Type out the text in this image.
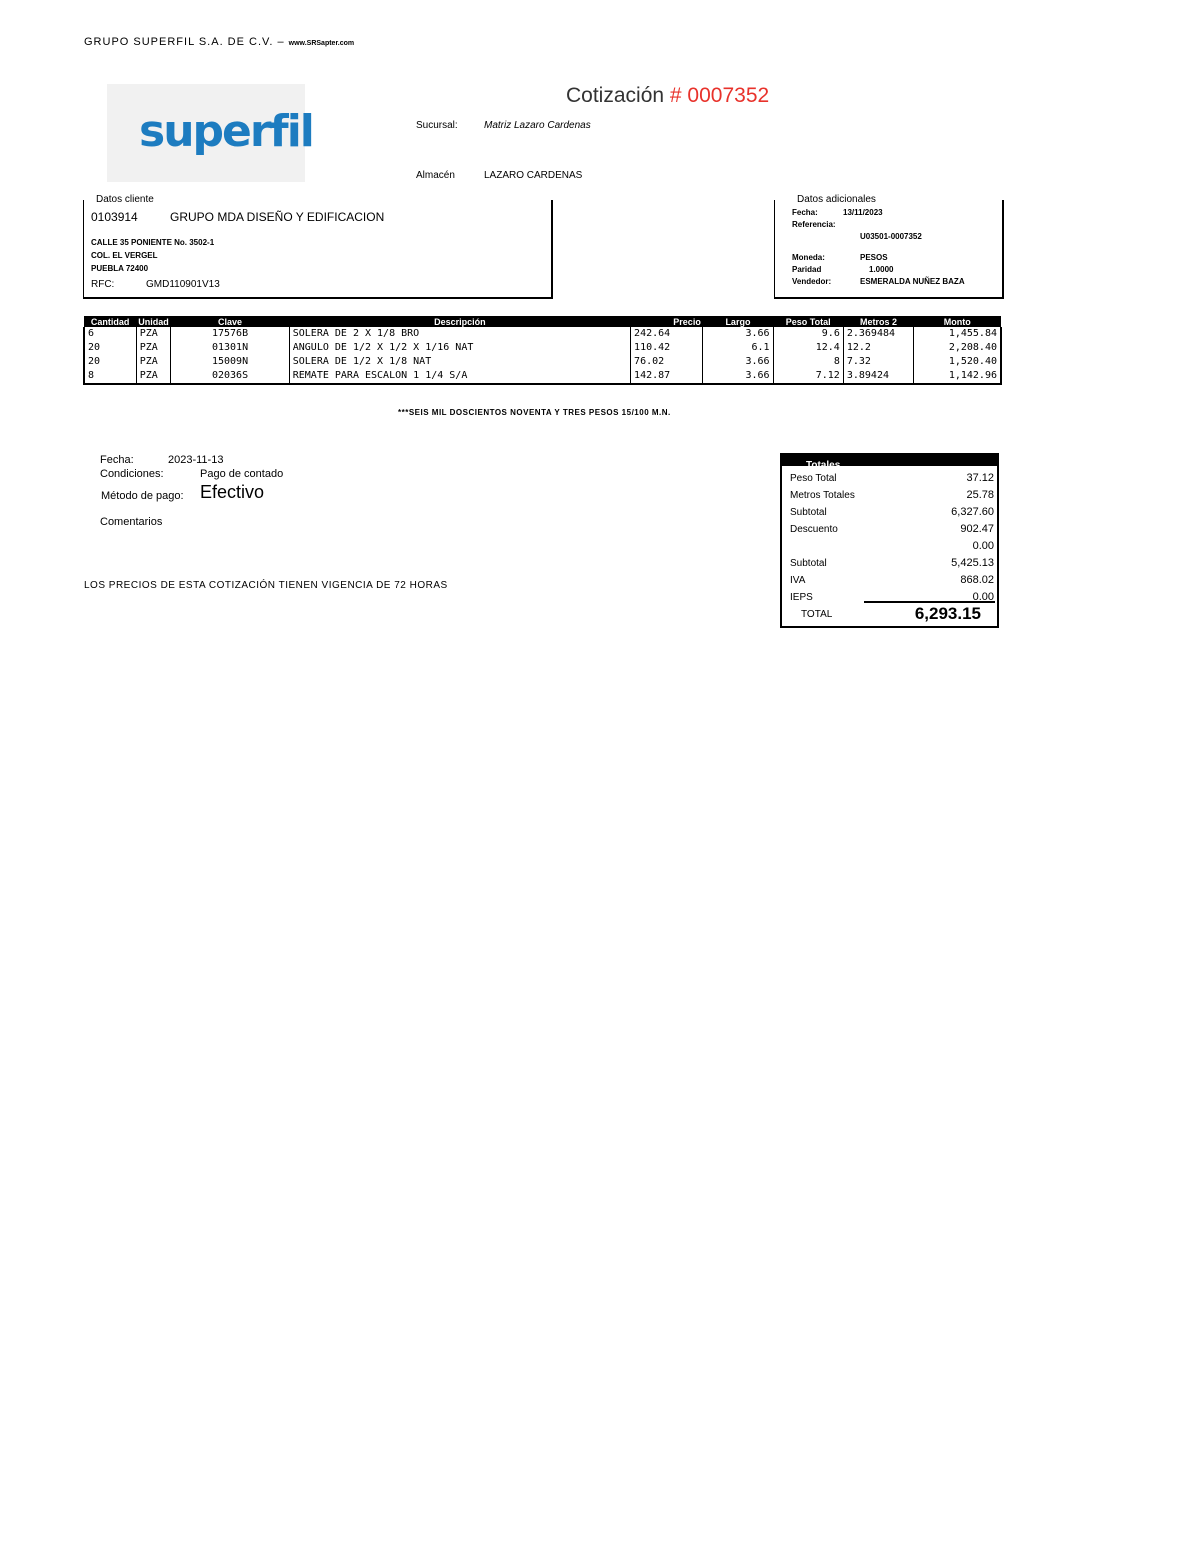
GRUPO SUPERFIL S.A. DE C.V. – www.SRSapter.com
superfil
Cotización # 0007352
Sucursal:	Matriz Lazaro Cardenas
Almacén	LAZARO CARDENAS
Datos cliente
0103914	GRUPO MDA DISEÑO Y EDIFICACION
CALLE 35 PONIENTE No. 3502-1
COL. EL VERGEL
PUEBLA 72400
RFC:	GMD110901V13
Datos adicionales
Fecha:	13/11/2023
Referencia:
U03501-0007352
Moneda:	PESOS
Paridad	1.0000
Vendedor:	ESMERALDA NUÑEZ BAZA
Cantidad	Unidad	Clave	Descripción	Precio	Largo	Peso Total	Metros 2	Monto
6	PZA	17576B	SOLERA DE 2 X 1/8 BRO	242.64	3.66	9.6	2.369484	1,455.84
20	PZA	01301N	ANGULO DE 1/2 X 1/2 X 1/16 NAT	110.42	6.1	12.4	12.2	2,208.40
20	PZA	15009N	SOLERA DE 1/2 X 1/8 NAT	76.02	3.66	8	7.32	1,520.40
8	PZA	02036S	REMATE PARA ESCALON 1 1/4 S/A	142.87	3.66	7.12	3.89424	1,142.96
***SEIS MIL DOSCIENTOS NOVENTA Y TRES PESOS 15/100 M.N.
Fecha:	2023-11-13
Condiciones:	Pago de contado
Método de pago: Efectivo
Comentarios
LOS PRECIOS DE ESTA COTIZACIÓN TIENEN VIGENCIA DE 72 HORAS
Totales
Peso Total	37.12
Metros Totales	25.78
Subtotal	6,327.60
Descuento	902.47
0.00
Subtotal	5,425.13
IVA	868.02
IEPS	0.00
TOTAL	6,293.15
